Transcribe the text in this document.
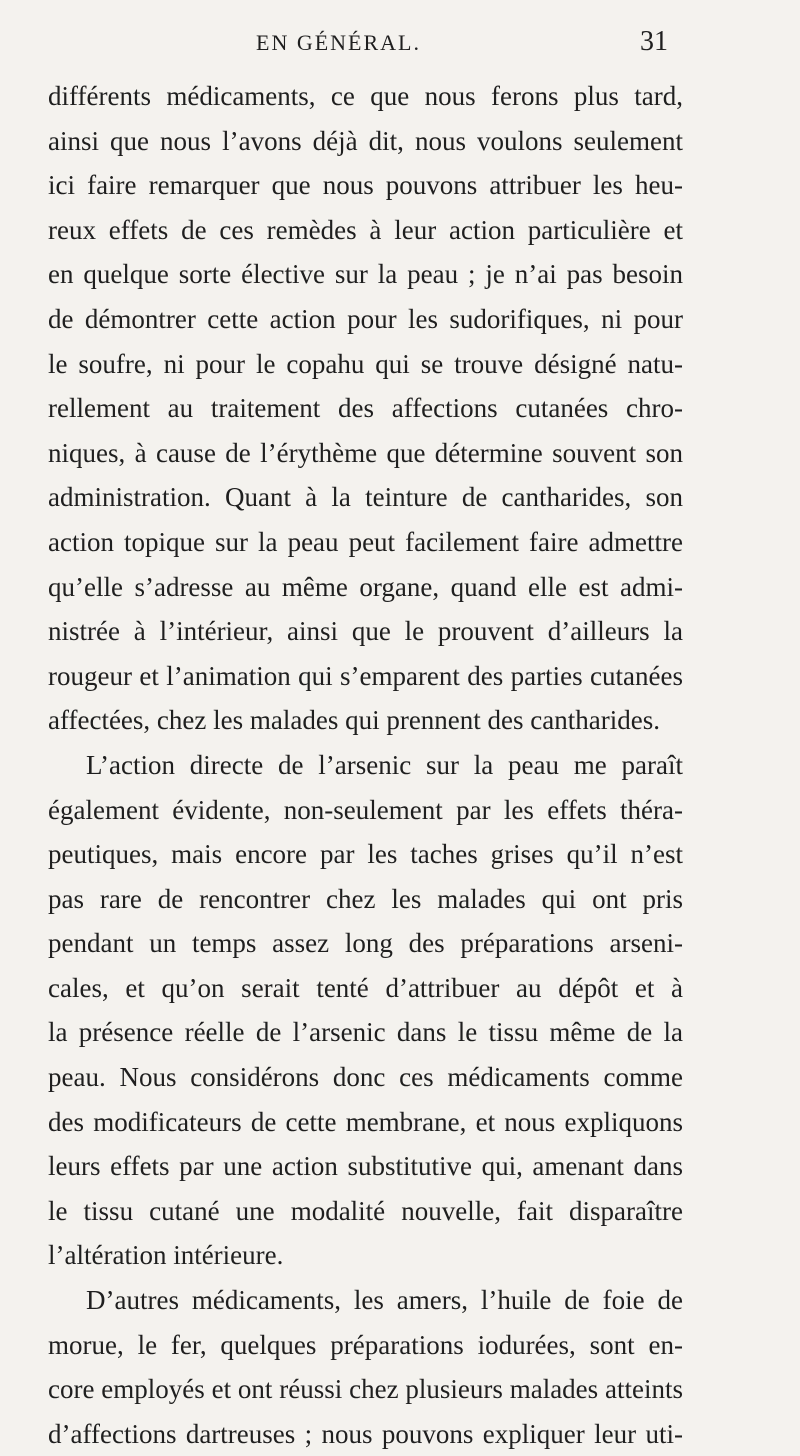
EN GÉNÉRAL.	31
différents médicaments, ce que nous ferons plus tard,
ainsi que nous l’avons déjà dit, nous voulons seulement
ici faire remarquer que nous pouvons attribuer les heu-
reux effets de ces remèdes à leur action particulière et
en quelque sorte élective sur la peau ; je n’ai pas besoin
de démontrer cette action pour les sudorifiques, ni pour
le soufre, ni pour le copahu qui se trouve désigné natu-
rellement au traitement des affections cutanées chro-
niques, à cause de l’érythème que détermine souvent son
administration. Quant à la teinture de cantharides, son
action topique sur la peau peut facilement faire admettre
qu’elle s’adresse au même organe, quand elle est admi-
nistrée à l’intérieur, ainsi que le prouvent d’ailleurs la
rougeur et l’animation qui s’emparent des parties cutanées
affectées, chez les malades qui prennent des cantharides.
L’action directe de l’arsenic sur la peau me paraît
également évidente, non-seulement par les effets théra-
peutiques, mais encore par les taches grises qu’il n’est
pas rare de rencontrer chez les malades qui ont pris
pendant un temps assez long des préparations arseni-
cales, et qu’on serait tenté d’attribuer au dépôt et à
la présence réelle de l’arsenic dans le tissu même de la
peau. Nous considérons donc ces médicaments comme
des modificateurs de cette membrane, et nous expliquons
leurs effets par une action substitutive qui, amenant dans
le tissu cutané une modalité nouvelle, fait disparaître
l’altération intérieure.
D’autres médicaments, les amers, l’huile de foie de
morue, le fer, quelques préparations iodurées, sont en-
core employés et ont réussi chez plusieurs malades atteints
d’affections dartreuses ; nous pouvons expliquer leur uti-
